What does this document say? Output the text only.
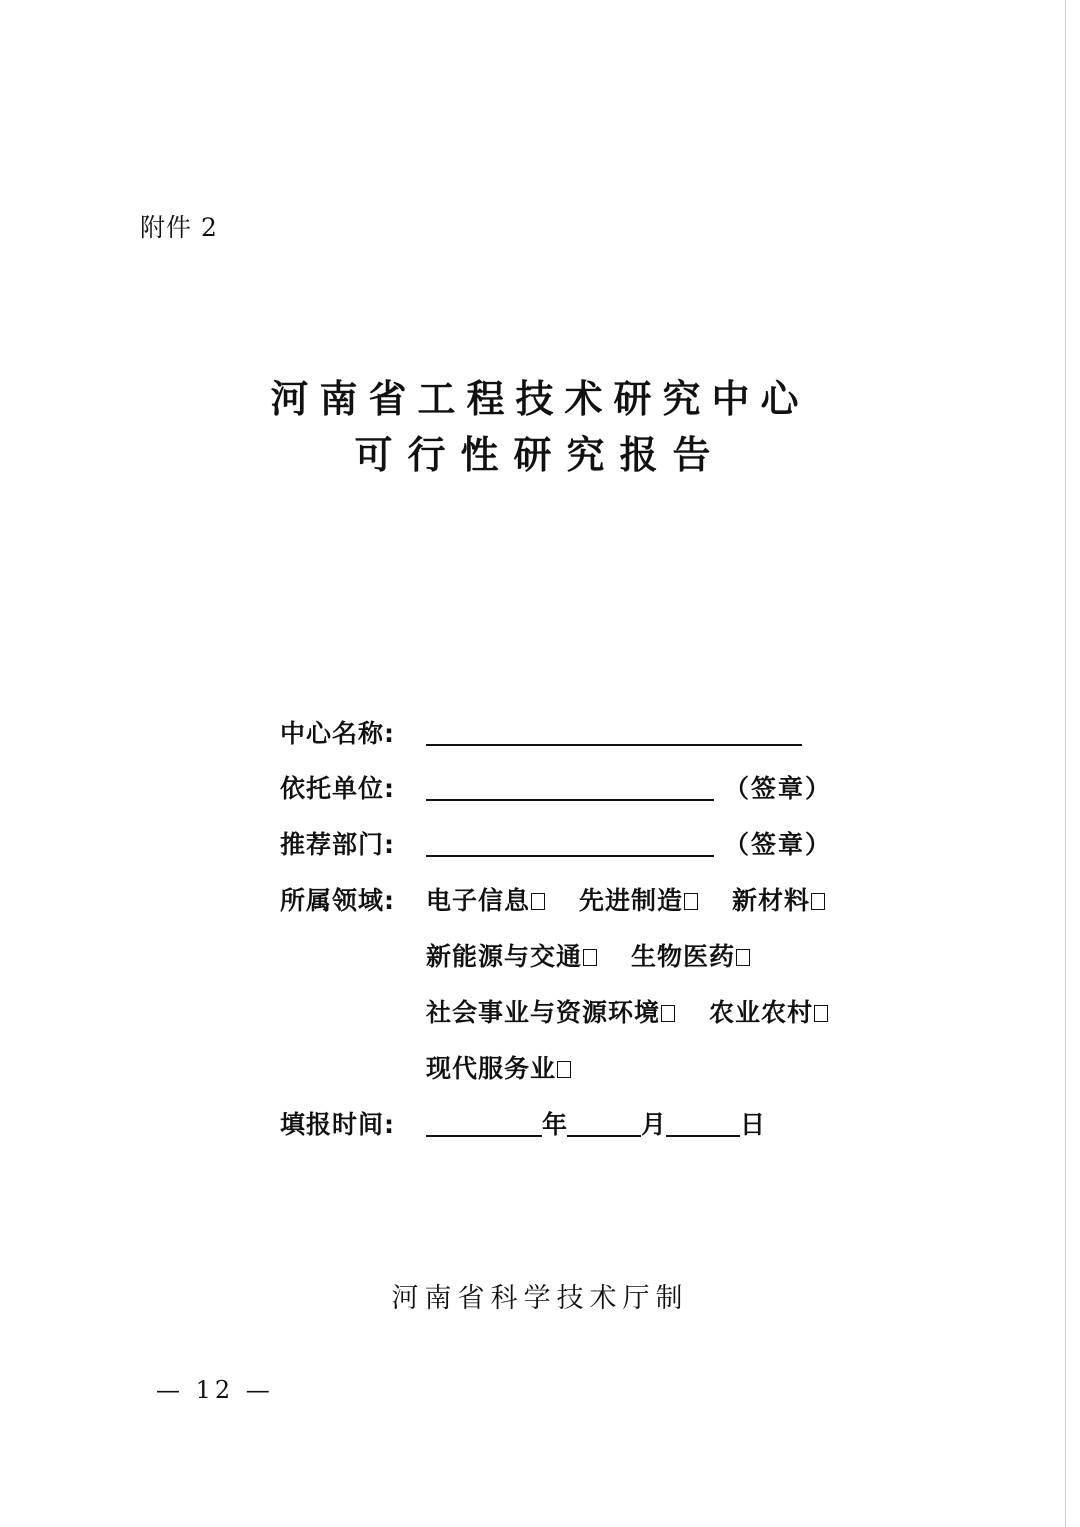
附件 2
河南省工程技术研究中心
可行性研究报告
中心名称:
依托单位:	（签章）
推荐部门:	（签章）
所属领域: 电子信息 先进制造 新材料
新能源与交通 生物医药
社会事业与资源环境 农业农村
现代服务业
填报时间:	年	月	日
河南省科学技术厅制
— 12 —
